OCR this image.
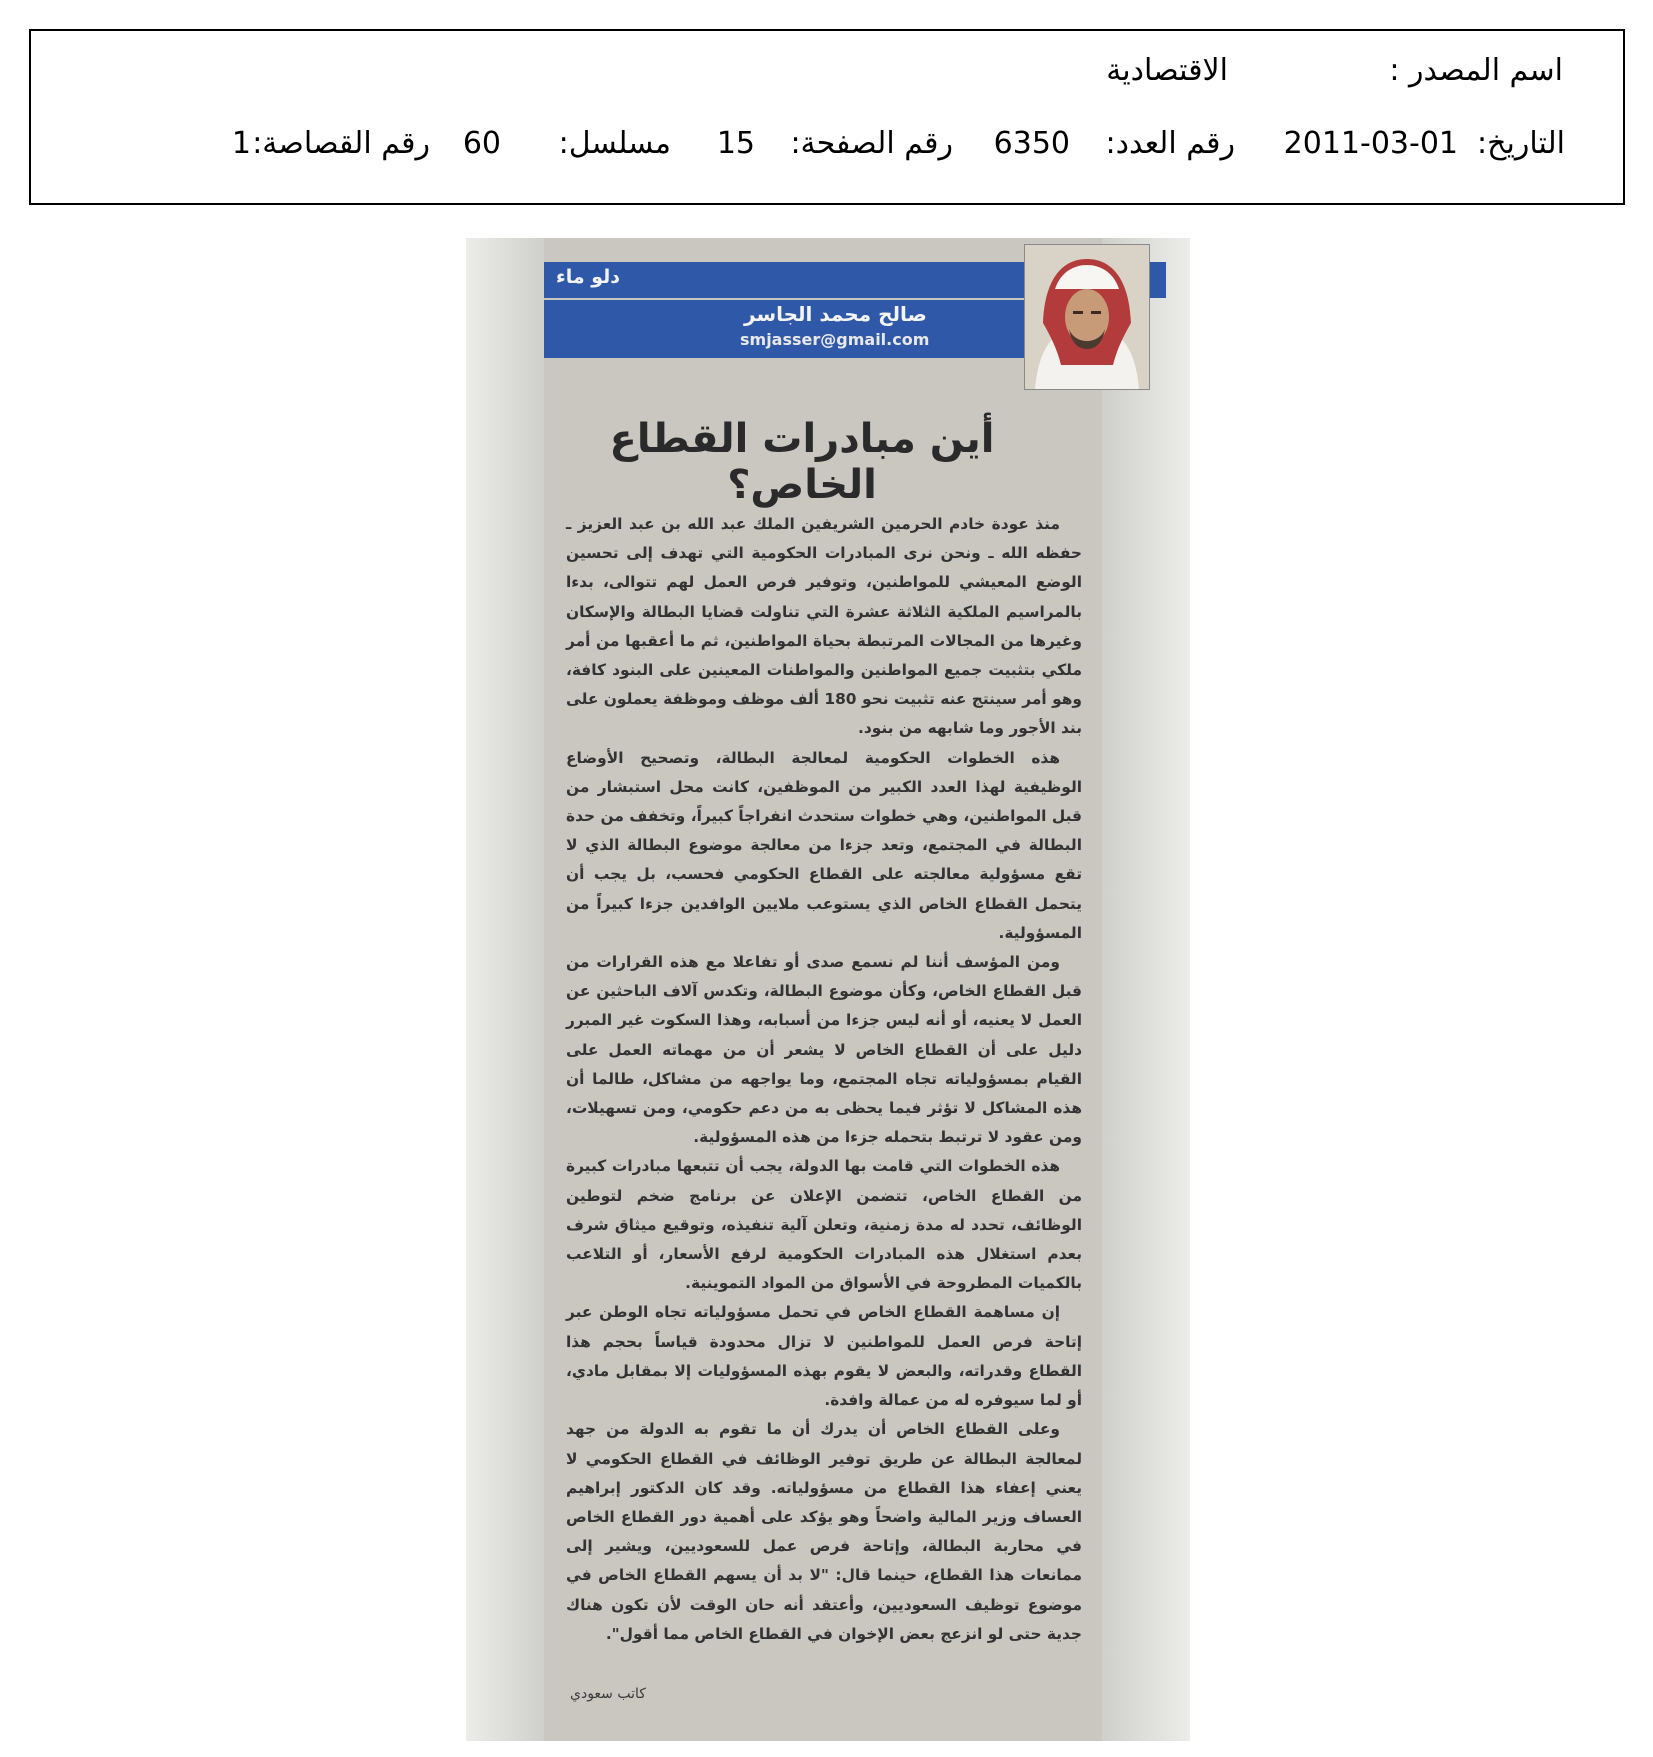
اسم المصدر :
الاقتصادية
التاريخ:
2011-03-01
رقم العدد:
6350
رقم الصفحة:
15
مسلسل:
60
رقم القصاصة:
1
دلو ماء
صالح محمد الجاسر
smjasser@gmail.com
أين مبادرات القطاع الخاص؟

منذ عودة خادم الحرمين الشريفين الملك عبد الله بن عبد العزيز ـ حفظه الله ـ ونحن نرى المبادرات الحكومية التي تهدف إلى تحسين الوضع المعيشي للمواطنين، وتوفير فرص العمل لهم تتوالى، بدءا بالمراسيم الملكية الثلاثة عشرة التي تناولت قضايا البطالة والإسكان وغيرها من المجالات المرتبطة بحياة المواطنين، ثم ما أعقبها من أمر ملكي بتثبيت جميع المواطنين والمواطنات المعينين على البنود كافة، وهو أمر سينتج عنه تثبيت نحو 180 ألف موظف وموظفة يعملون على بند الأجور وما شابهه من بنود.

هذه الخطوات الحكومية لمعالجة البطالة، وتصحيح الأوضاع الوظيفية لهذا العدد الكبير من الموظفين، كانت محل استبشار من قبل المواطنين، وهي خطوات ستحدث انفراجاً كبيراً، وتخفف من حدة البطالة في المجتمع، وتعد جزءا من معالجة موضوع البطالة الذي لا تقع مسؤولية معالجته على القطاع الحكومي فحسب، بل يجب أن يتحمل القطاع الخاص الذي يستوعب ملايين الوافدين جزءا كبيراً من المسؤولية.

ومن المؤسف أننا لم نسمع صدى أو تفاعلا مع هذه القرارات من قبل القطاع الخاص، وكأن موضوع البطالة، وتكدس آلاف الباحثين عن العمل لا يعنيه، أو أنه ليس جزءا من أسبابه، وهذا السكوت غير المبرر دليل على أن القطاع الخاص لا يشعر أن من مهماته العمل على القيام بمسؤولياته تجاه المجتمع، وما يواجهه من مشاكل، طالما أن هذه المشاكل لا تؤثر فيما يحظى به من دعم حكومي، ومن تسهيلات، ومن عقود لا ترتبط بتحمله جزءا من هذه المسؤولية.

هذه الخطوات التي قامت بها الدولة، يجب أن تتبعها مبادرات كبيرة من القطاع الخاص، تتضمن الإعلان عن برنامج ضخم لتوطين الوظائف، تحدد له مدة زمنية، وتعلن آلية تنفيذه، وتوقيع ميثاق شرف بعدم استغلال هذه المبادرات الحكومية لرفع الأسعار، أو التلاعب بالكميات المطروحة في الأسواق من المواد التموينية.

إن مساهمة القطاع الخاص في تحمل مسؤولياته تجاه الوطن عبر إتاحة فرص العمل للمواطنين لا تزال محدودة قياساً بحجم هذا القطاع وقدراته، والبعض لا يقوم بهذه المسؤوليات إلا بمقابل مادي، أو لما سيوفره له من عمالة وافدة.

وعلى القطاع الخاص أن يدرك أن ما تقوم به الدولة من جهد لمعالجة البطالة عن طريق توفير الوظائف في القطاع الحكومي لا يعني إعفاء هذا القطاع من مسؤولياته. وقد كان الدكتور إبراهيم العساف وزير المالية واضحاً وهو يؤكد على أهمية دور القطاع الخاص في محاربة البطالة، وإتاحة فرص عمل للسعوديين، ويشير إلى ممانعات هذا القطاع، حينما قال: "لا بد أن يسهم القطاع الخاص في موضوع توظيف السعوديين، وأعتقد أنه حان الوقت لأن تكون هناك جدية حتى لو انزعج بعض الإخوان في القطاع الخاص مما أقول".

كاتب سعودي
